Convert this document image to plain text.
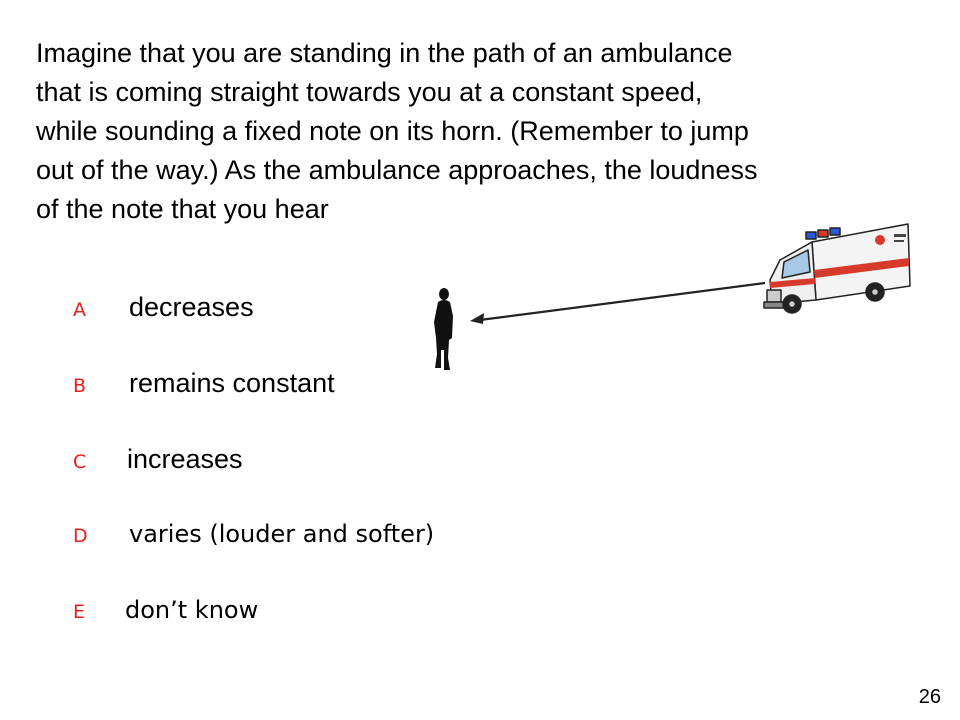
Imagine that you are standing in the path of an ambulance
that is coming straight towards you at a constant speed,
while sounding a fixed note on its horn. (Remember to jump
out of the way.) As the ambulance approaches, the loudness
of the note that you hear
A decreases
B remains constant
C increases
D varies (louder and softer)
E don’t know
26
